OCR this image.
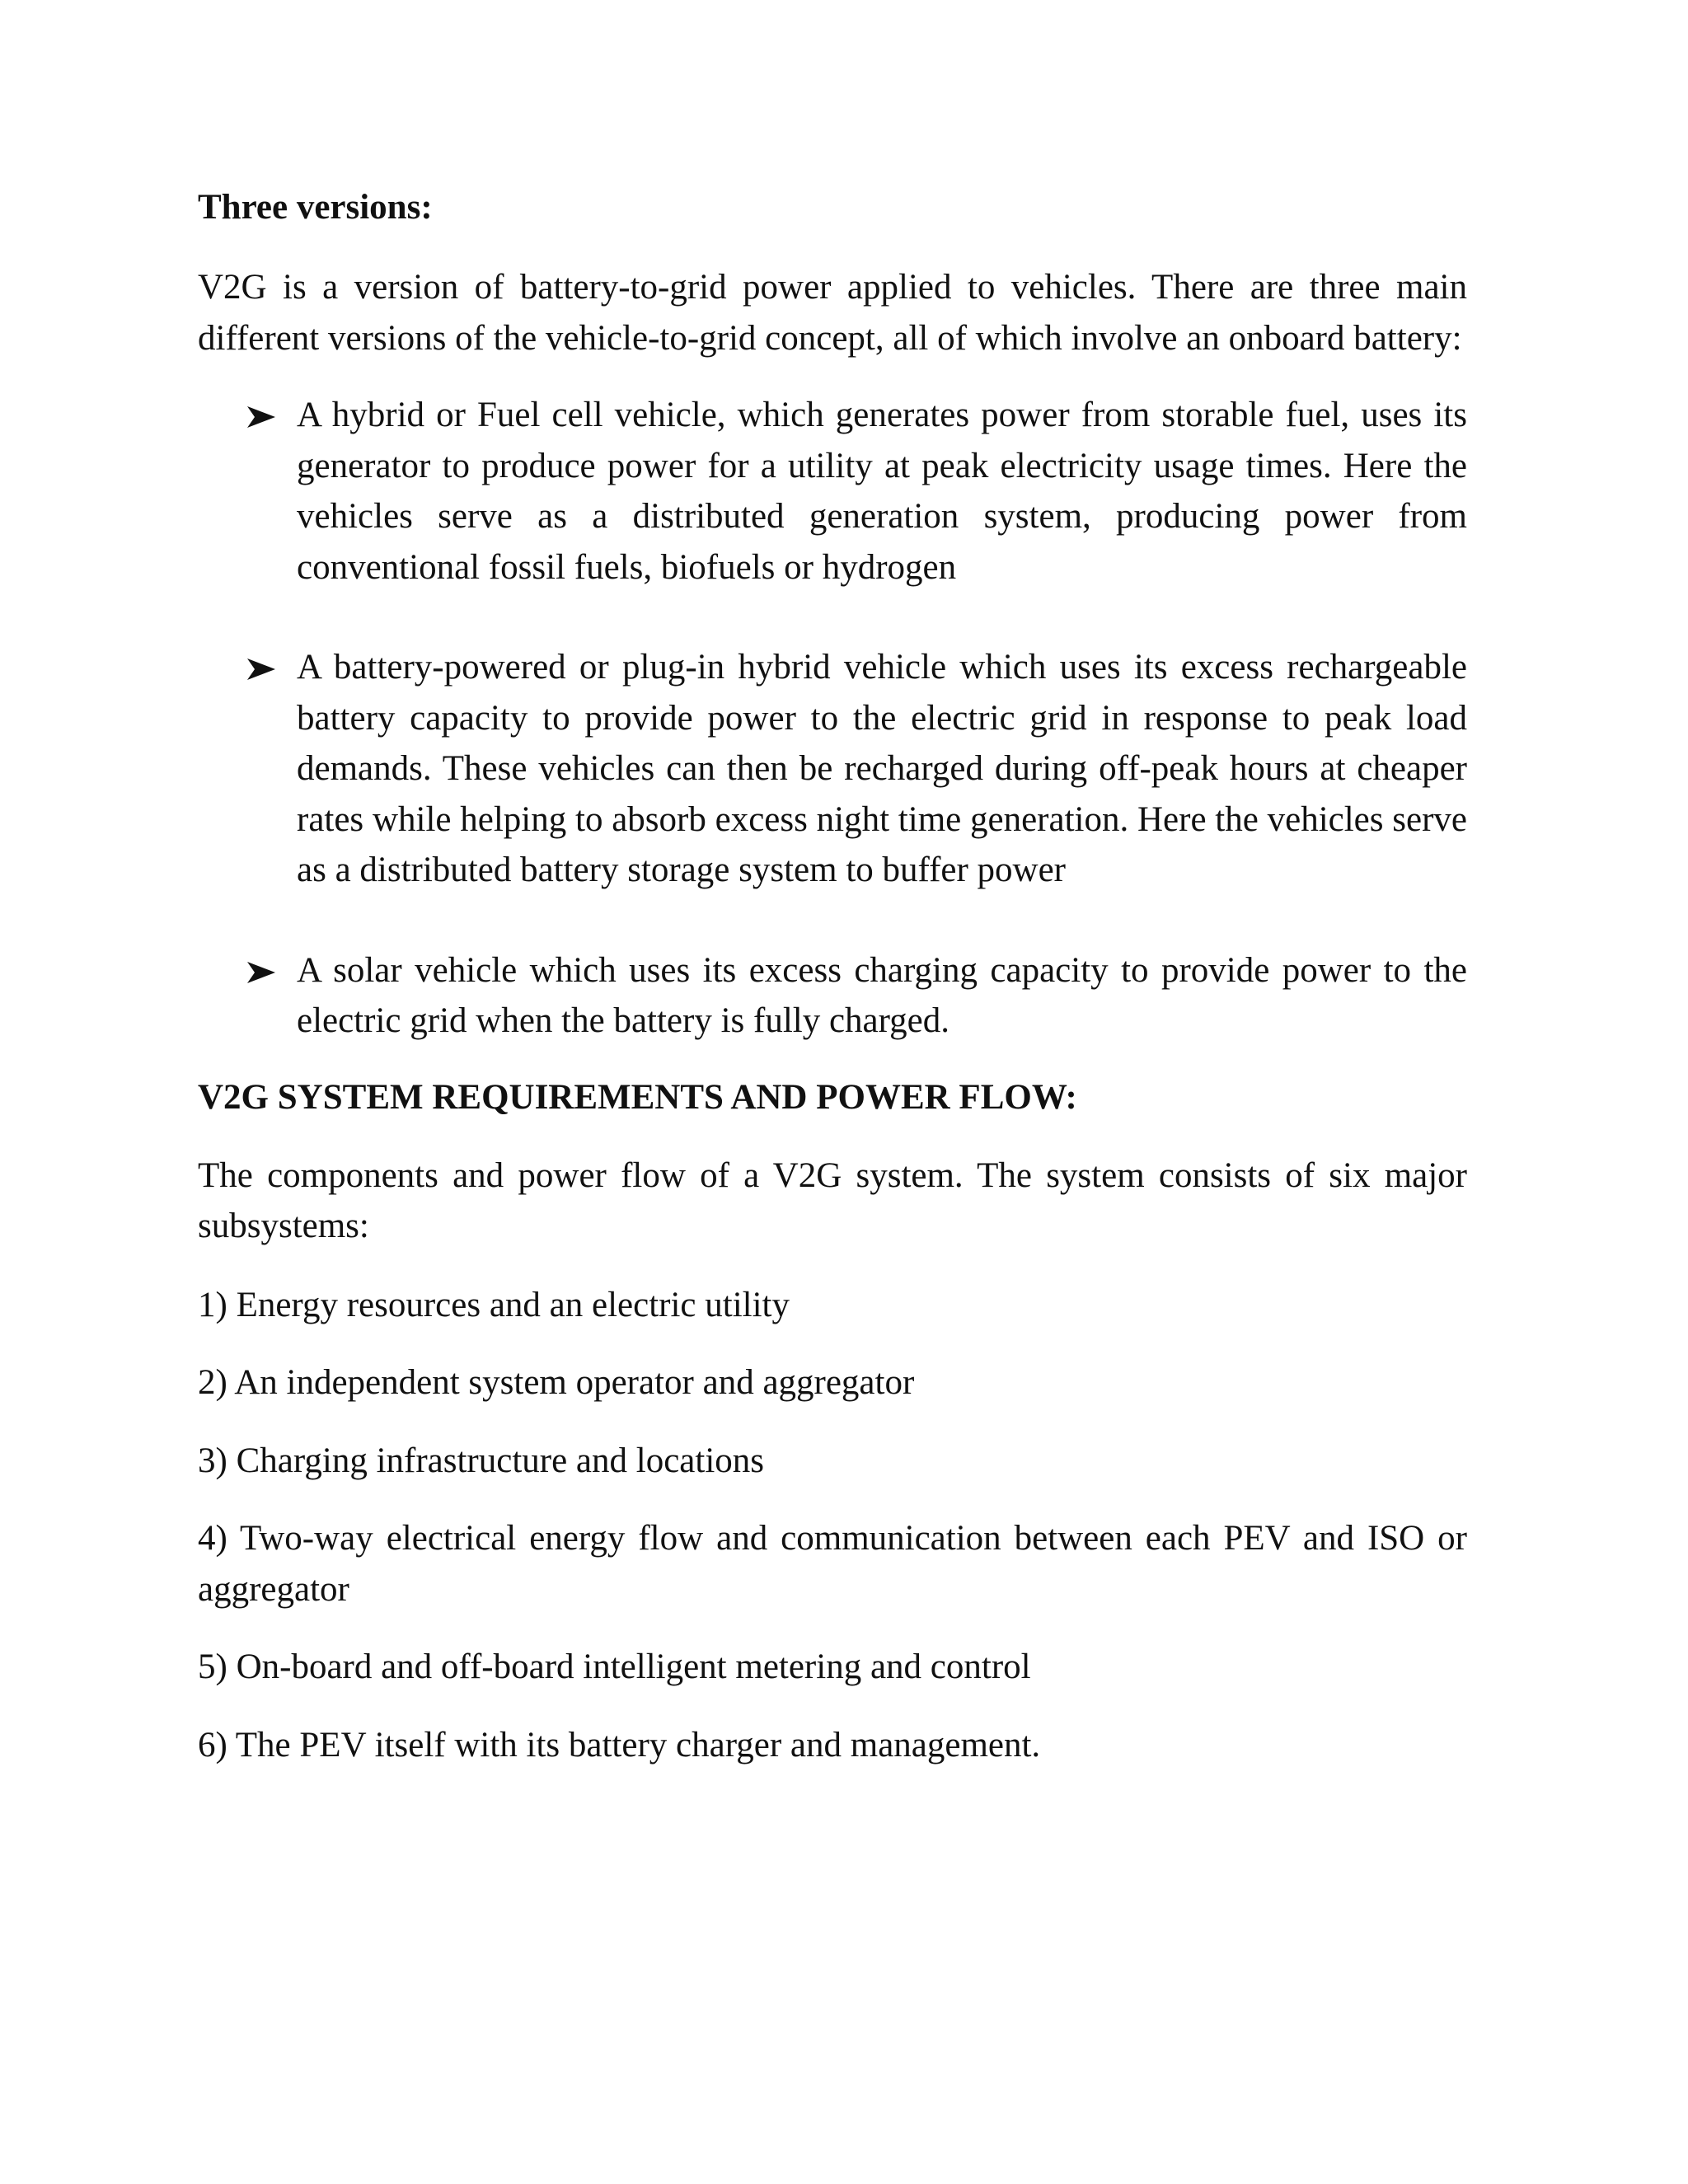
Three versions:

V2G is a version of battery-to-grid power applied to vehicles. There are three main different versions of the vehicle-to-grid concept, all of which involve an onboard battery:

A hybrid or Fuel cell vehicle, which generates power from storable fuel, uses its generator to produce power for a utility at peak electricity usage times. Here the vehicles serve as a distributed generation system, producing power from conventional fossil fuels, biofuels or hydrogen
A battery-powered or plug-in hybrid vehicle which uses its excess rechargeable battery capacity to provide power to the electric grid in response to peak load demands. These vehicles can then be recharged during off-peak hours at cheaper rates while helping to absorb excess night time generation. Here the vehicles serve as a distributed battery storage system to buffer power
A solar vehicle which uses its excess charging capacity to provide power to the electric grid when the battery is fully charged.

V2G SYSTEM REQUIREMENTS AND POWER FLOW:

The components and power flow of a V2G system. The system consists of six major subsystems:

1) Energy resources and an electric utility

2) An independent system operator and aggregator

3) Charging infrastructure and locations

4) Two-way electrical energy flow and communication between each PEV and ISO or aggregator

5) On-board and off-board intelligent metering and control

6) The PEV itself with its battery charger and management.
